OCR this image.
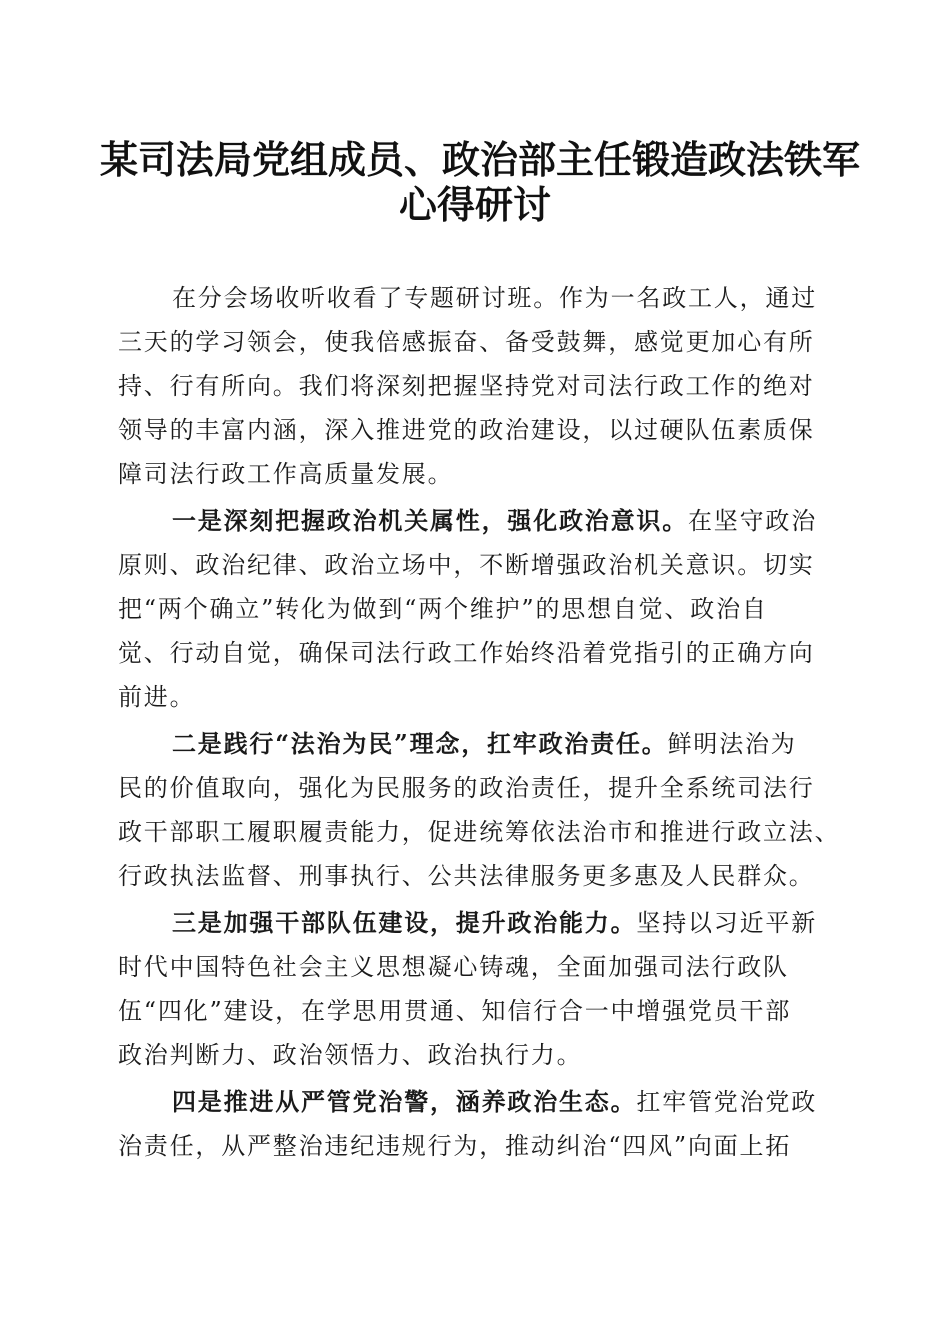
某司法局党组成员、政治部主任锻造政法铁军
心得研讨
在分会场收听收看了专题研讨班。作为一名政工人，通过
三天的学习领会，使我倍感振奋、备受鼓舞，感觉更加心有所
持、行有所向。我们将深刻把握坚持党对司法行政工作的绝对
领导的丰富内涵，深入推进党的政治建设，以过硬队伍素质保
障司法行政工作高质量发展。
一是深刻把握政治机关属性，强化政治意识。在坚守政治
原则、政治纪律、政治立场中，不断增强政治机关意识。切实
把“两个确立”转化为做到“两个维护”的思想自觉、政治自
觉、行动自觉，确保司法行政工作始终沿着党指引的正确方向
前进。
二是践行“法治为民”理念，扛牢政治责任。鲜明法治为
民的价值取向，强化为民服务的政治责任，提升全系统司法行
政干部职工履职履责能力，促进统筹依法治市和推进行政立法、
行政执法监督、刑事执行、公共法律服务更多惠及人民群众。
三是加强干部队伍建设，提升政治能力。坚持以习近平新
时代中国特色社会主义思想凝心铸魂，全面加强司法行政队
伍“四化”建设，在学思用贯通、知信行合一中增强党员干部
政治判断力、政治领悟力、政治执行力。
四是推进从严管党治警，涵养政治生态。扛牢管党治党政
治责任，从严整治违纪违规行为，推动纠治“四风”向面上拓
